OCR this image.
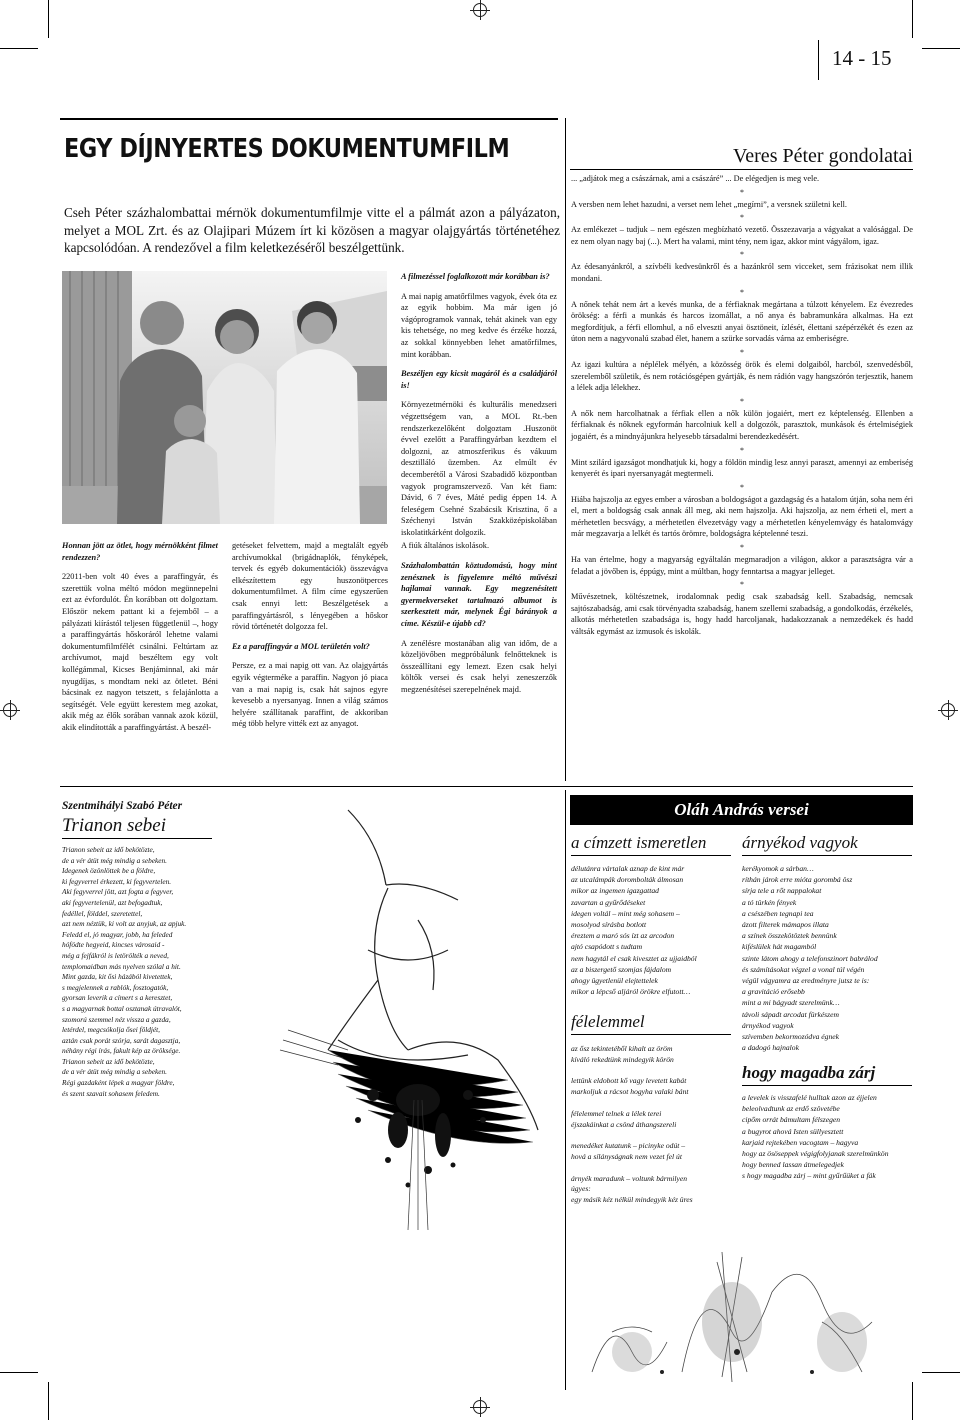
14 - 15
EGY DÍJNYERTES DOKUMENTUMFILM

Cseh Péter százhalombattai mérnök dokumentumfilmje vitte el a pálmát azon a pályázaton, melyet a MOL Zrt. és az Olajipari Múzem írt ki közösen a magyar olajgyártás történetéhez kapcsolódóan. A rendezővel a film keletkezéséről beszélgettünk.

Honnan jött az ötlet, hogy mérnökként filmet rendezzen?

22011-ben volt 40 éves a paraffingyár, és szerettük volna méltó módon megünnepelni ezt az évfordulót. Én korábban ott dolgoztam. Először nekem pattant ki a fejemből – a pályázati kiírástól teljesen függetlenül –, hogy a paraffingyártás hőskoráról lehetne valami dokumentumfilmfélét csinálni. Feltúrtam az archívumot, majd beszéltem egy volt kollégámmal, Kicses Benjáminnal, aki már nyugdíjas, s mondtam neki az ötletet. Béni bácsinak ez nagyon tetszett, s felajánlotta a segítségét. Vele együtt kerestem meg azokat, akik még az élők sorában vannak azok közül, akik elindították a paraffingyártást. A beszél-

getéseket felvettem, majd a megtalált egyéb archívumokkal (brigádnaplók, fényképek, tervek és egyéb dokumentációk) összevágva elkészítettem egy huszonötperces dokumentumfilmet. A film címe egyszerűen csak ennyi lett: Beszélgetések a paraffingyártásról, s lényegében a hőskor rövid történetét dolgozza fel.

Ez a paraffingyár a MOL területén volt?

Persze, ez a mai napig ott van. Az olajgyártás egyik végterméke a paraffin. Nagyon jó piaca van a mai napig is, csak hát sajnos egyre kevesebb a nyersanyag. Innen a világ számos helyére szállítanak paraffint, de akkoriban még több helyre vitték ezt az anyagot.

A filmezéssel foglalkozott már korábban is?

A mai napig amatőrfilmes vagyok, évek óta ez az egyik hobbim. Ma már igen jó vágóprogramok vannak, tehát akinek van egy kis tehetsége, no meg kedve és érzéke hozzá, az sokkal könnyebben lehet amatőrfilmes, mint korábban.

Beszéljen egy kicsit magáról és a családjáról is!

Környezetmérnöki és kulturális menedzseri végzettségem van, a MOL Rt.-ben rendszerkezelőként dolgoztam .Huszonöt évvel ezelőtt a Paraffingyárban kezdtem el dolgozni, az atmoszferikus és vákuum desztilláló üzemben. Az elmúlt év decemberétől a Városi Szabadidő központban vagyok programszervező. Van két fiam: Dávid, 6 7 éves, Máté pedig éppen 14. A feleségem Csehné Szabácsik Krisztina, ő a Széchenyi István Szakközépiskolában iskolatitkárként dolgozik.

A fiúk általános iskolások.

Százhalombattán köztudomású, hogy mint zenésznek is figyelemre méltó művészi hajlamai vannak. Egy megzenésített gyermekverseket tartalmazó albumot is szerkesztett már, melynek Égi bárányok a címe. Készül-e újabb cd?

A zenélésre mostanában alig van időm, de a közeljövőben megpróbálunk felnőtteknek is összeállítani egy lemezt. Ezen csak helyi költők versei és csak helyi zeneszerzők megzenésítései szerepelnének majd.

Veres Péter gondolatai

... „adjátok meg a császárnak, ami a császáré” ... De elégedjen is meg vele.

*

A versben nem lehet hazudni, a verset nem lehet „megírni”, a versnek születni kell.

*

Az emlékezet – tudjuk – nem egészen megbízható vezető. Összezavarja a vágyakat a valósággal. De ez nem olyan nagy baj (...). Mert ha valami, mint tény, nem igaz, akkor mint vágyálom, igaz.

*

Az édesanyánkról, a szívbéli kedvesünkről és a hazánkról sem vicceket, sem frázisokat nem illik mondani.

*

A nőnek tehát nem árt a kevés munka, de a férfiaknak megártana a túlzott kényelem. Ez évezredes örökség: a férfi a munkás és harcos izomállat, a nő anya és babramunkára alkalmas. Ha ezt megfordítjuk, a férfi ellomhul, a nő elveszti anyai ösztöneit, ízlését, élettani szépérzékét és ezen az úton nem a nagyvonalú szabad élet, hanem a szürke sorvadás várna az emberiségre.

*

Az igazi kultúra a néplélek mélyén, a közösség örök és elemi dolgaiból, harcból, szenvedésből, szerelemből születik, és nem rotációsgépen gyártják, és nem rádión vagy hangszórón terjesztik, hanem a lélek adja lélekhez.

*

A nők nem harcolhatnak a férfiak ellen a nők külön jogaiért, mert ez képtelenség. Ellenben a férfiaknak és nőknek egyformán harcolniuk kell a dolgozók, parasztok, munkások és értelmiségiek jogaiért, és a mindnyájunkra helyesebb társadalmi berendezkedésért.

*

Mint szilárd igazságot mondhatjuk ki, hogy a földön mindig lesz annyi paraszt, amennyi az emberiség kenyerét és ipari nyersanyagát megtermeli.

*

Hiába hajszolja az egyes ember a városban a boldogságot a gazdagság és a hatalom útján, soha nem éri el, mert a boldogság csak annak áll meg, aki nem hajszolja. Aki hajszolja, az nem érheti el, mert a mérhetetlen becsvágy, a mérhetetlen élvezetvágy vagy a mérhetetlen kényelemvágy és hatalomvágy már megzavarja a lelkét és tartós örömre, boldogságra képtelenné teszi.

*

Ha van értelme, hogy a magyarság egyáltalán megmaradjon a világon, akkor a parasztságra vár a feladat a jövőben is, éppúgy, mint a múltban, hogy fenntartsa a magyar jelleget.

*

Művészetnek, költészetnek, irodalomnak pedig csak szabadság kell. Szabadság, nemcsak sajtószabadság, ami csak törvényadta szabadság, hanem szellemi szabadság, a gondolkodás, érzékelés, alkotás mérhetetlen szabadsága is, hogy hadd harcoljanak, hadakozzanak a nemzedékek és hadd váltsák egymást az izmusok és iskolák.

Szentmihályi Szabó Péter
Trianon sebei
Trianon sebeit az idő bekötözte,
de a vér átüt még mindig a sebeken.
Idegenek özönlöttek be a földre,
ki fegyverrel érkezett, ki fegyvertelen.
Aki fegyverrel jött, azt fogta a fegyver,
aki fegyvertelenül, azt befogadtuk,
fedéllel, földdel, szeretettel,
azt nem néztük, ki volt az anyjuk, az apjuk.
Feledd el, jó magyar, jobb, ha feleded
hófödte hegyeid, kincses városaid -
még a fejfákról is letörölték a neved,
templomaidban más nyelven szólal a hit.
Mint gazda, kit ősi házából kivetettek,
s megjelennek a rablók, fosztogatók,
gyorsan leverik a címert s a keresztet,
s a magyarnak bottal osztanak útravalót,
szomorú szemmel néz vissza a gazda,
letérdel, megcsókolja ősei földjét,
aztán csak porát szórja, sarát dagasztja,
néhány régi írás, fakult kép az öröksége.
Trianon sebeit az idő bekötözte,
de a vér átüt még mindig a sebeken.
Régi gazdaként lépek a magyar földre,
és szent szavait sohasem feledem.
Oláh András versei
a címzett ismeretlen
délutánra vártalak aznap de kint már
az utcalámpák dorombolták álmosan
mikor az ingemen igazgattad
zavartan a gyűrődéseket
idegen voltál – mint még sohasem –
mosolyod sírásba botlott
éreztem a maró sós ízt az arcodon
ajtó csapódott s tudtam
nem hagytál el csak kivesztet az ujjaidból
az a biszergető szomjas fájdalom
ahogy ügyetlenül elejtettelek
mikor a lépcső aljáról örökre elfutott…
félelemmel
az ősz tekintetéből kihalt az öröm
kíváló rekedtünk mindegyik körön

lettünk eldobott kő vagy levetett kabát
markoljuk a rácsot hogyha valaki bánt

félelemmel telnek a lélek terei
éjszakáinkat a csönd áthangszereli

menedéket kutatunk – picinyke odút –
hová a sílányságnak nem vezet fel út

árnyék maradunk – voltunk bármilyen
úgyes:
egy másik kéz nélkül mindegyik kéz üres
árnyékod vagyok
kerékyomok a sárban…
ríthán járok erre mióta gorombá ösz
sírja tele a rőt nappalokat
a tó türkén fények
a csészében tegnapi tea
ázott filterek mámapos illata
a színek összekötöztek bennünk
kiféslülek hát magamból
szinte látom ahogy a telefonszinort babrálod
és számításokat végzel a vonal túl végén
végül vágyamra az eredményre jutsz te is:
a gravitáció erősebb
mint a mi bágyadt szerelmünk…
távoli sápadt arcodat fürkészem
árnyékod vagyok
szívemben bekormozódva égnek
a dadogó hajnalok
hogy magadba zárj
a levelek is visszafelé hulltak azon az éjjelen
beleolvadtunk az erdő szövetébe
cipőm orrát bámultam félszegen
a bugyrot ahová Isten süllyesztett
karjaid rejtekében vacogtam – hagyva
hogy az ösöseppek végigfolyjanak szerelmünkön
hogy benned lassan átmelegedjek
s hogy magadba zárj – mint gyűrűüket a fák
